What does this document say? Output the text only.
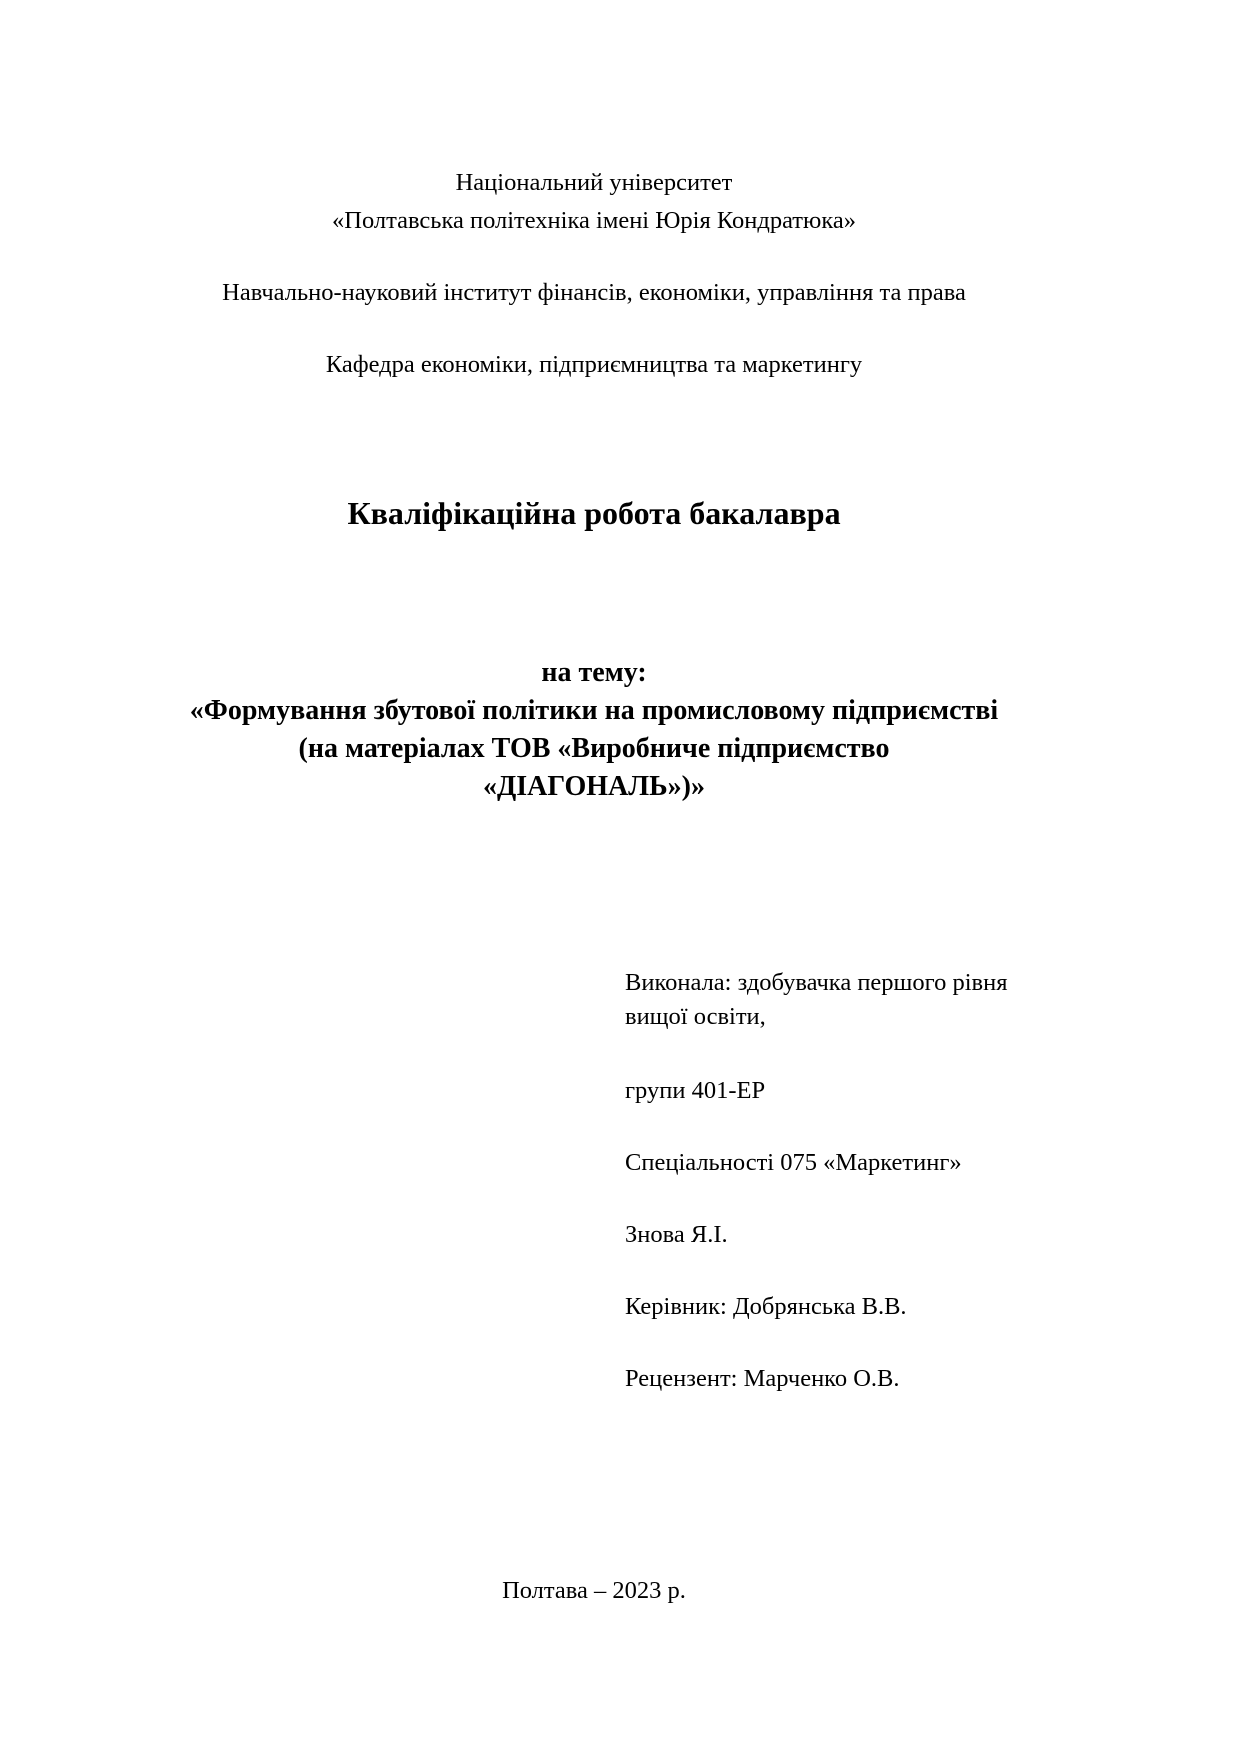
Національний університет
«Полтавська політехніка імені Юрія Кондратюка»
Навчально-науковий інститут фінансів, економіки, управління та права
Кафедра економіки, підприємництва та маркетингу
Кваліфікаційна робота бакалавра
на тему:
«Формування збутової політики на промисловому підприємстві
(на матеріалах ТОВ «Виробниче підприємство
«ДІАГОНАЛЬ»)»
Виконала: здобувачка першого рівня
вищої освіти,
групи 401-ЕР
Спеціальності 075 «Маркетинг»
Знова Я.І.
Керівник: Добрянська В.В.
Рецензент: Марченко О.В.
Полтава – 2023 р.
